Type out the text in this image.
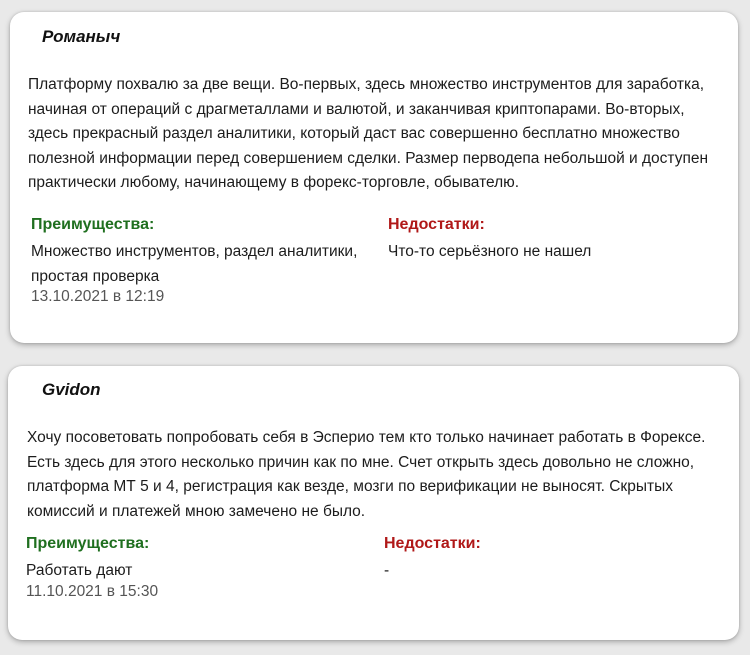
Романыч
Платформу похвалю за две вещи. Во-первых, здесь множество инструментов для заработка, начиная от операций с драгметаллами и валютой, и заканчивая криптопарами. Во-вторых, здесь прекрасный раздел аналитики, который даст вас совершенно бесплатно множество полезной информации перед совершением сделки. Размер перводепа небольшой и доступен практически любому, начинающему в форекс-торговле, обывателю.
Преимущества:
Множество инструментов, раздел аналитики, простая проверка
Недостатки:
Что-то серьёзного не нашел
13.10.2021 в 12:19
Gvidon
Хочу посоветовать попробовать себя в Эсперио тем кто только начинает работать в Форексе. Есть здесь для этого несколько причин как по мне. Счет открыть здесь довольно не сложно, платформа МТ 5 и 4, регистрация как везде, мозги по верификации не выносят. Скрытых комиссий и платежей мною замечено не было.
Преимущества:
Работать дают
Недостатки:
-
11.10.2021 в 15:30
